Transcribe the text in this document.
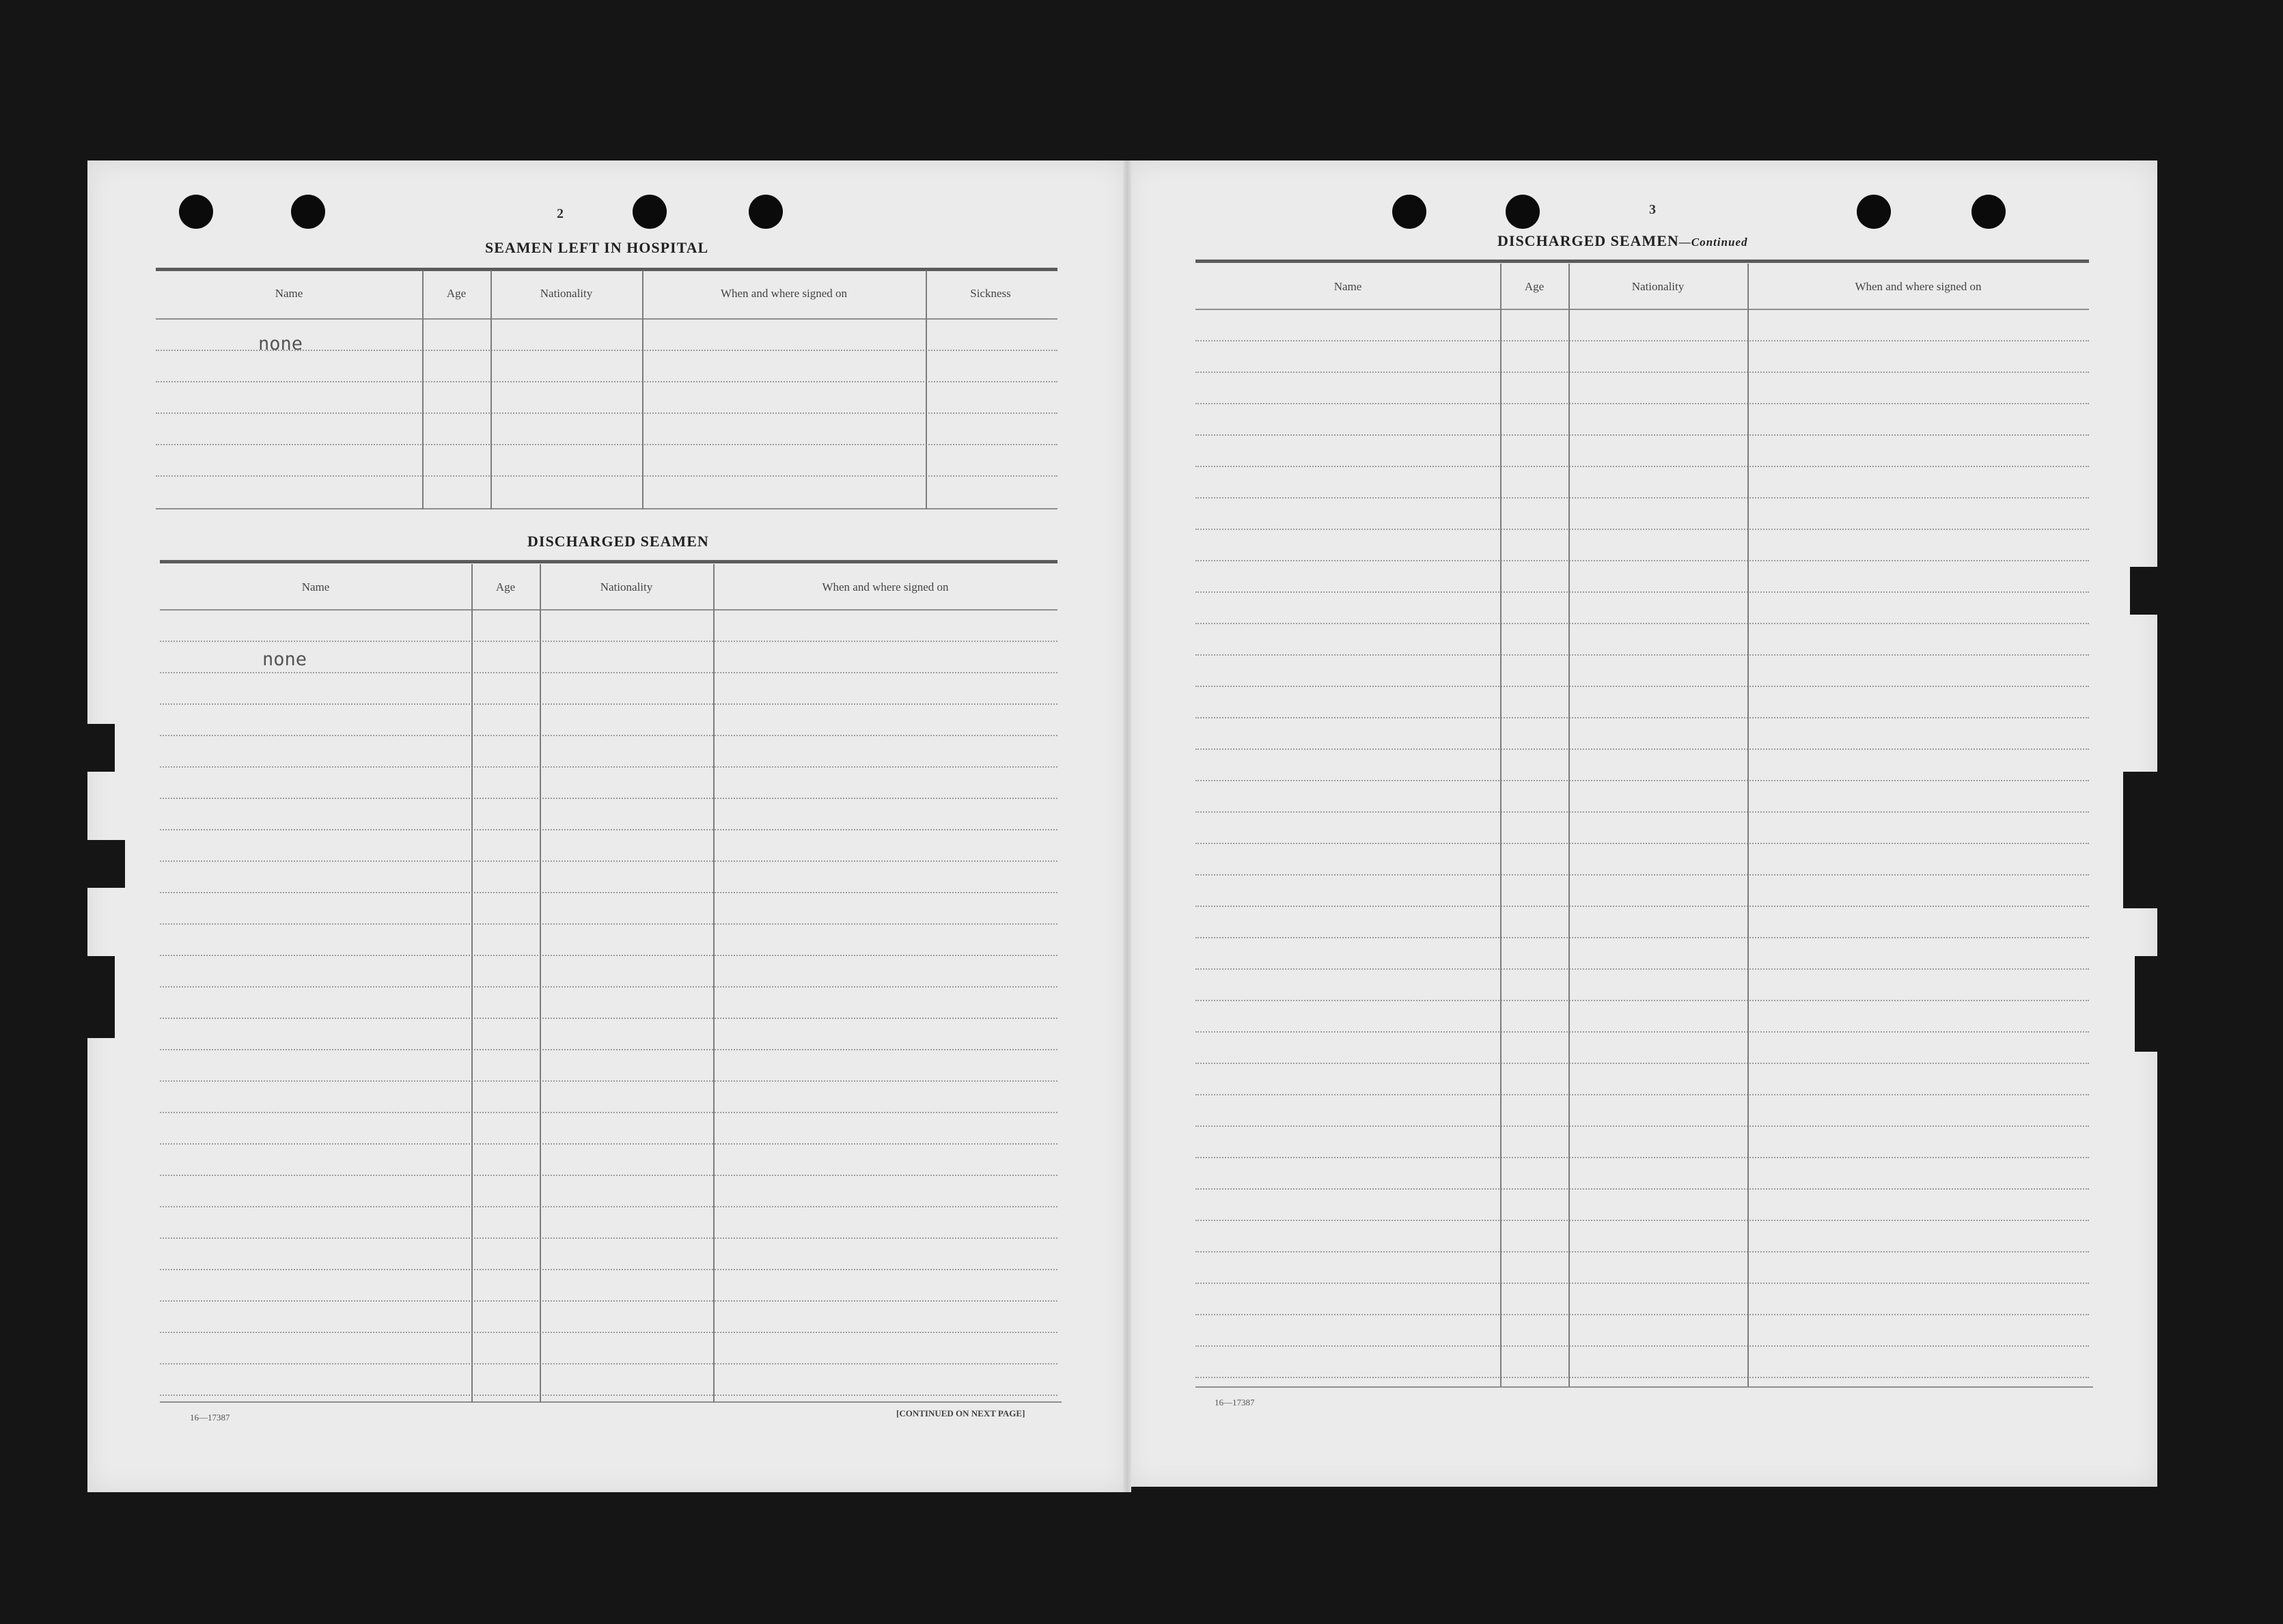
2
SEAMEN LEFT IN HOSPITAL
Name	Age	Nationality	When and where signed on	Sickness
none
DISCHARGED SEAMEN
Name	Age	Nationality	When and where signed on
none
16—17387	[CONTINUED ON NEXT PAGE]
3
DISCHARGED SEAMEN—Continued
Name	Age	Nationality	When and where signed on
16—17387
